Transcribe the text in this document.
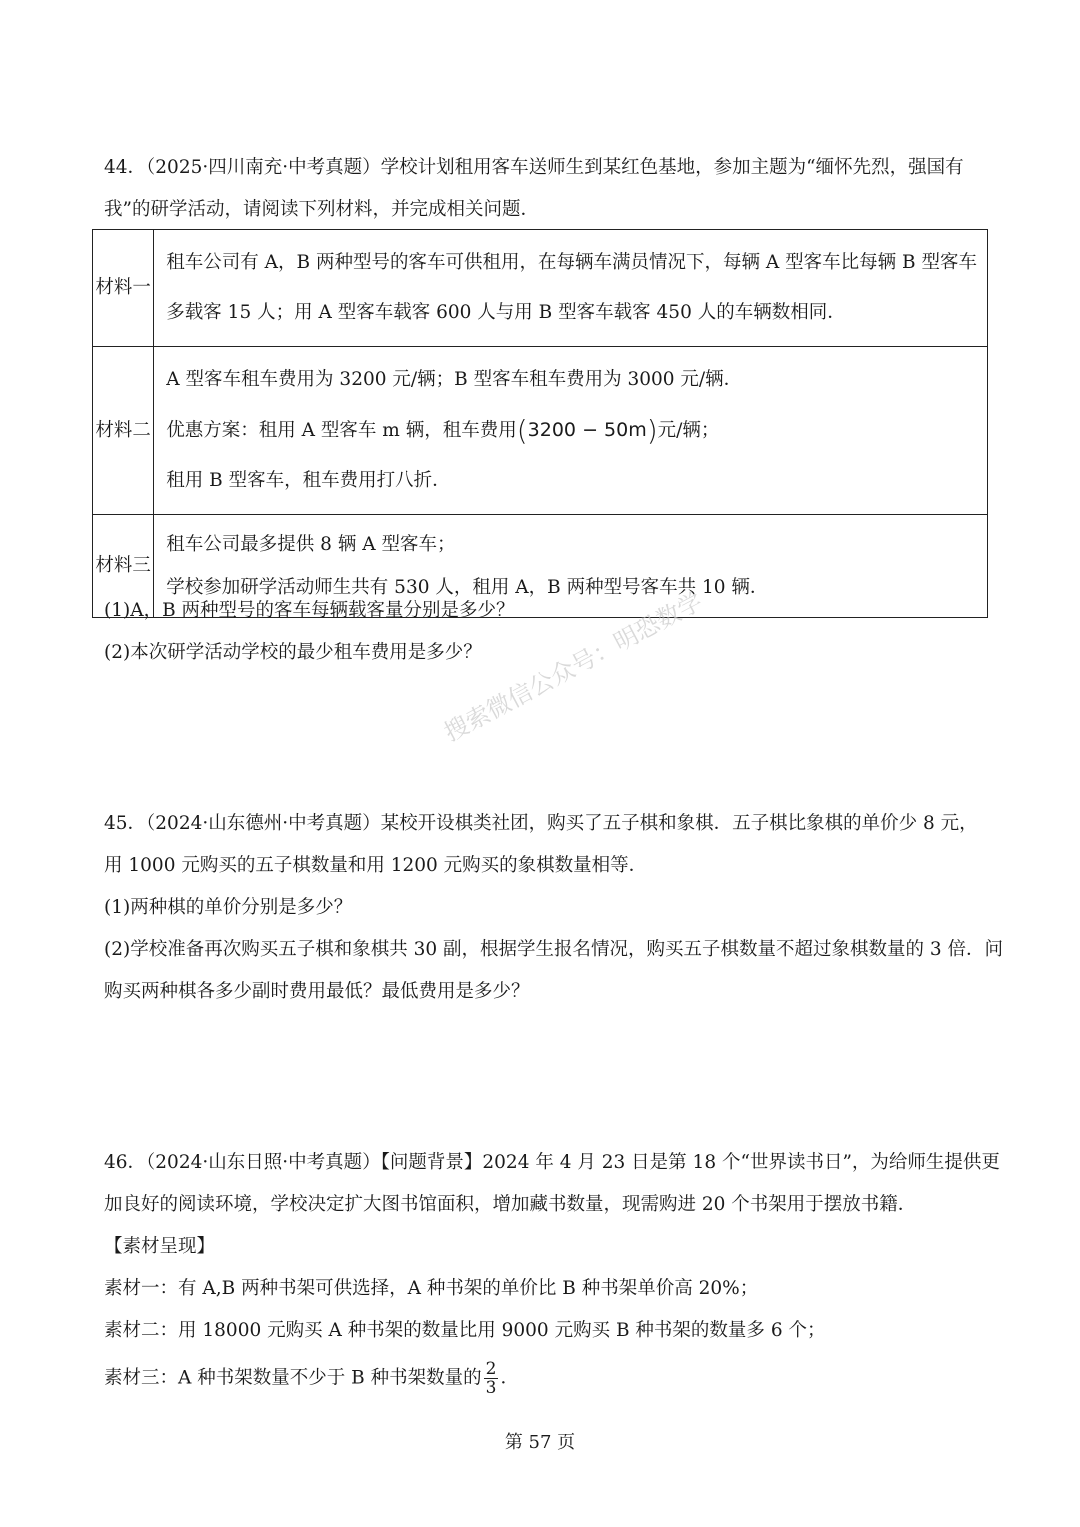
44．（2025·四川南充·中考真题）学校计划租用客车送师生到某红色基地，参加主题为“缅怀先烈，强国有
我”的研学活动，请阅读下列材料，并完成相关问题．
材料一	租车公司有 A，B 两种型号的客车可供租用，在每辆车满员情况下，每辆 A 型客车比每辆 B 型客车
多载客 15 人；用 A 型客车载客 600 人与用 B 型客车载客 450 人的车辆数相同．

材料二	A 型客车租车费用为 3200 元/辆；B 型客车租车费用为 3000 元/辆．
优惠方案：租用 A 型客车 m 辆，租车费用(3200 − 50m)元/辆；
租用 B 型客车，租车费用打八折．

材料三	租车公司最多提供 8 辆 A 型客车；
学校参加研学活动师生共有 530 人，租用 A，B 两种型号客车共 10 辆．
(1)A，B 两种型号的客车每辆载客量分别是多少？
(2)本次研学活动学校的最少租车费用是多少？
搜索微信公众号：明恐数学
45．（2024·山东德州·中考真题）某校开设棋类社团，购买了五子棋和象棋．五子棋比象棋的单价少 8 元，
用 1000 元购买的五子棋数量和用 1200 元购买的象棋数量相等．
(1)两种棋的单价分别是多少？
(2)学校准备再次购买五子棋和象棋共 30 副，根据学生报名情况，购买五子棋数量不超过象棋数量的 3 倍．问
购买两种棋各多少副时费用最低？最低费用是多少？
46．（2024·山东日照·中考真题）【问题背景】2024 年 4 月 23 日是第 18 个“世界读书日”，为给师生提供更
加良好的阅读环境，学校决定扩大图书馆面积，增加藏书数量，现需购进 20 个书架用于摆放书籍．
【素材呈现】
素材一：有 A,B 两种书架可供选择，A 种书架的单价比 B 种书架单价高 20%；
素材二：用 18000 元购买 A 种书架的数量比用 9000 元购买 B 种书架的数量多 6 个；
素材三：A 种书架数量不少于 B 种书架数量的 $\frac{2}{3}$ ．
第 57 页
